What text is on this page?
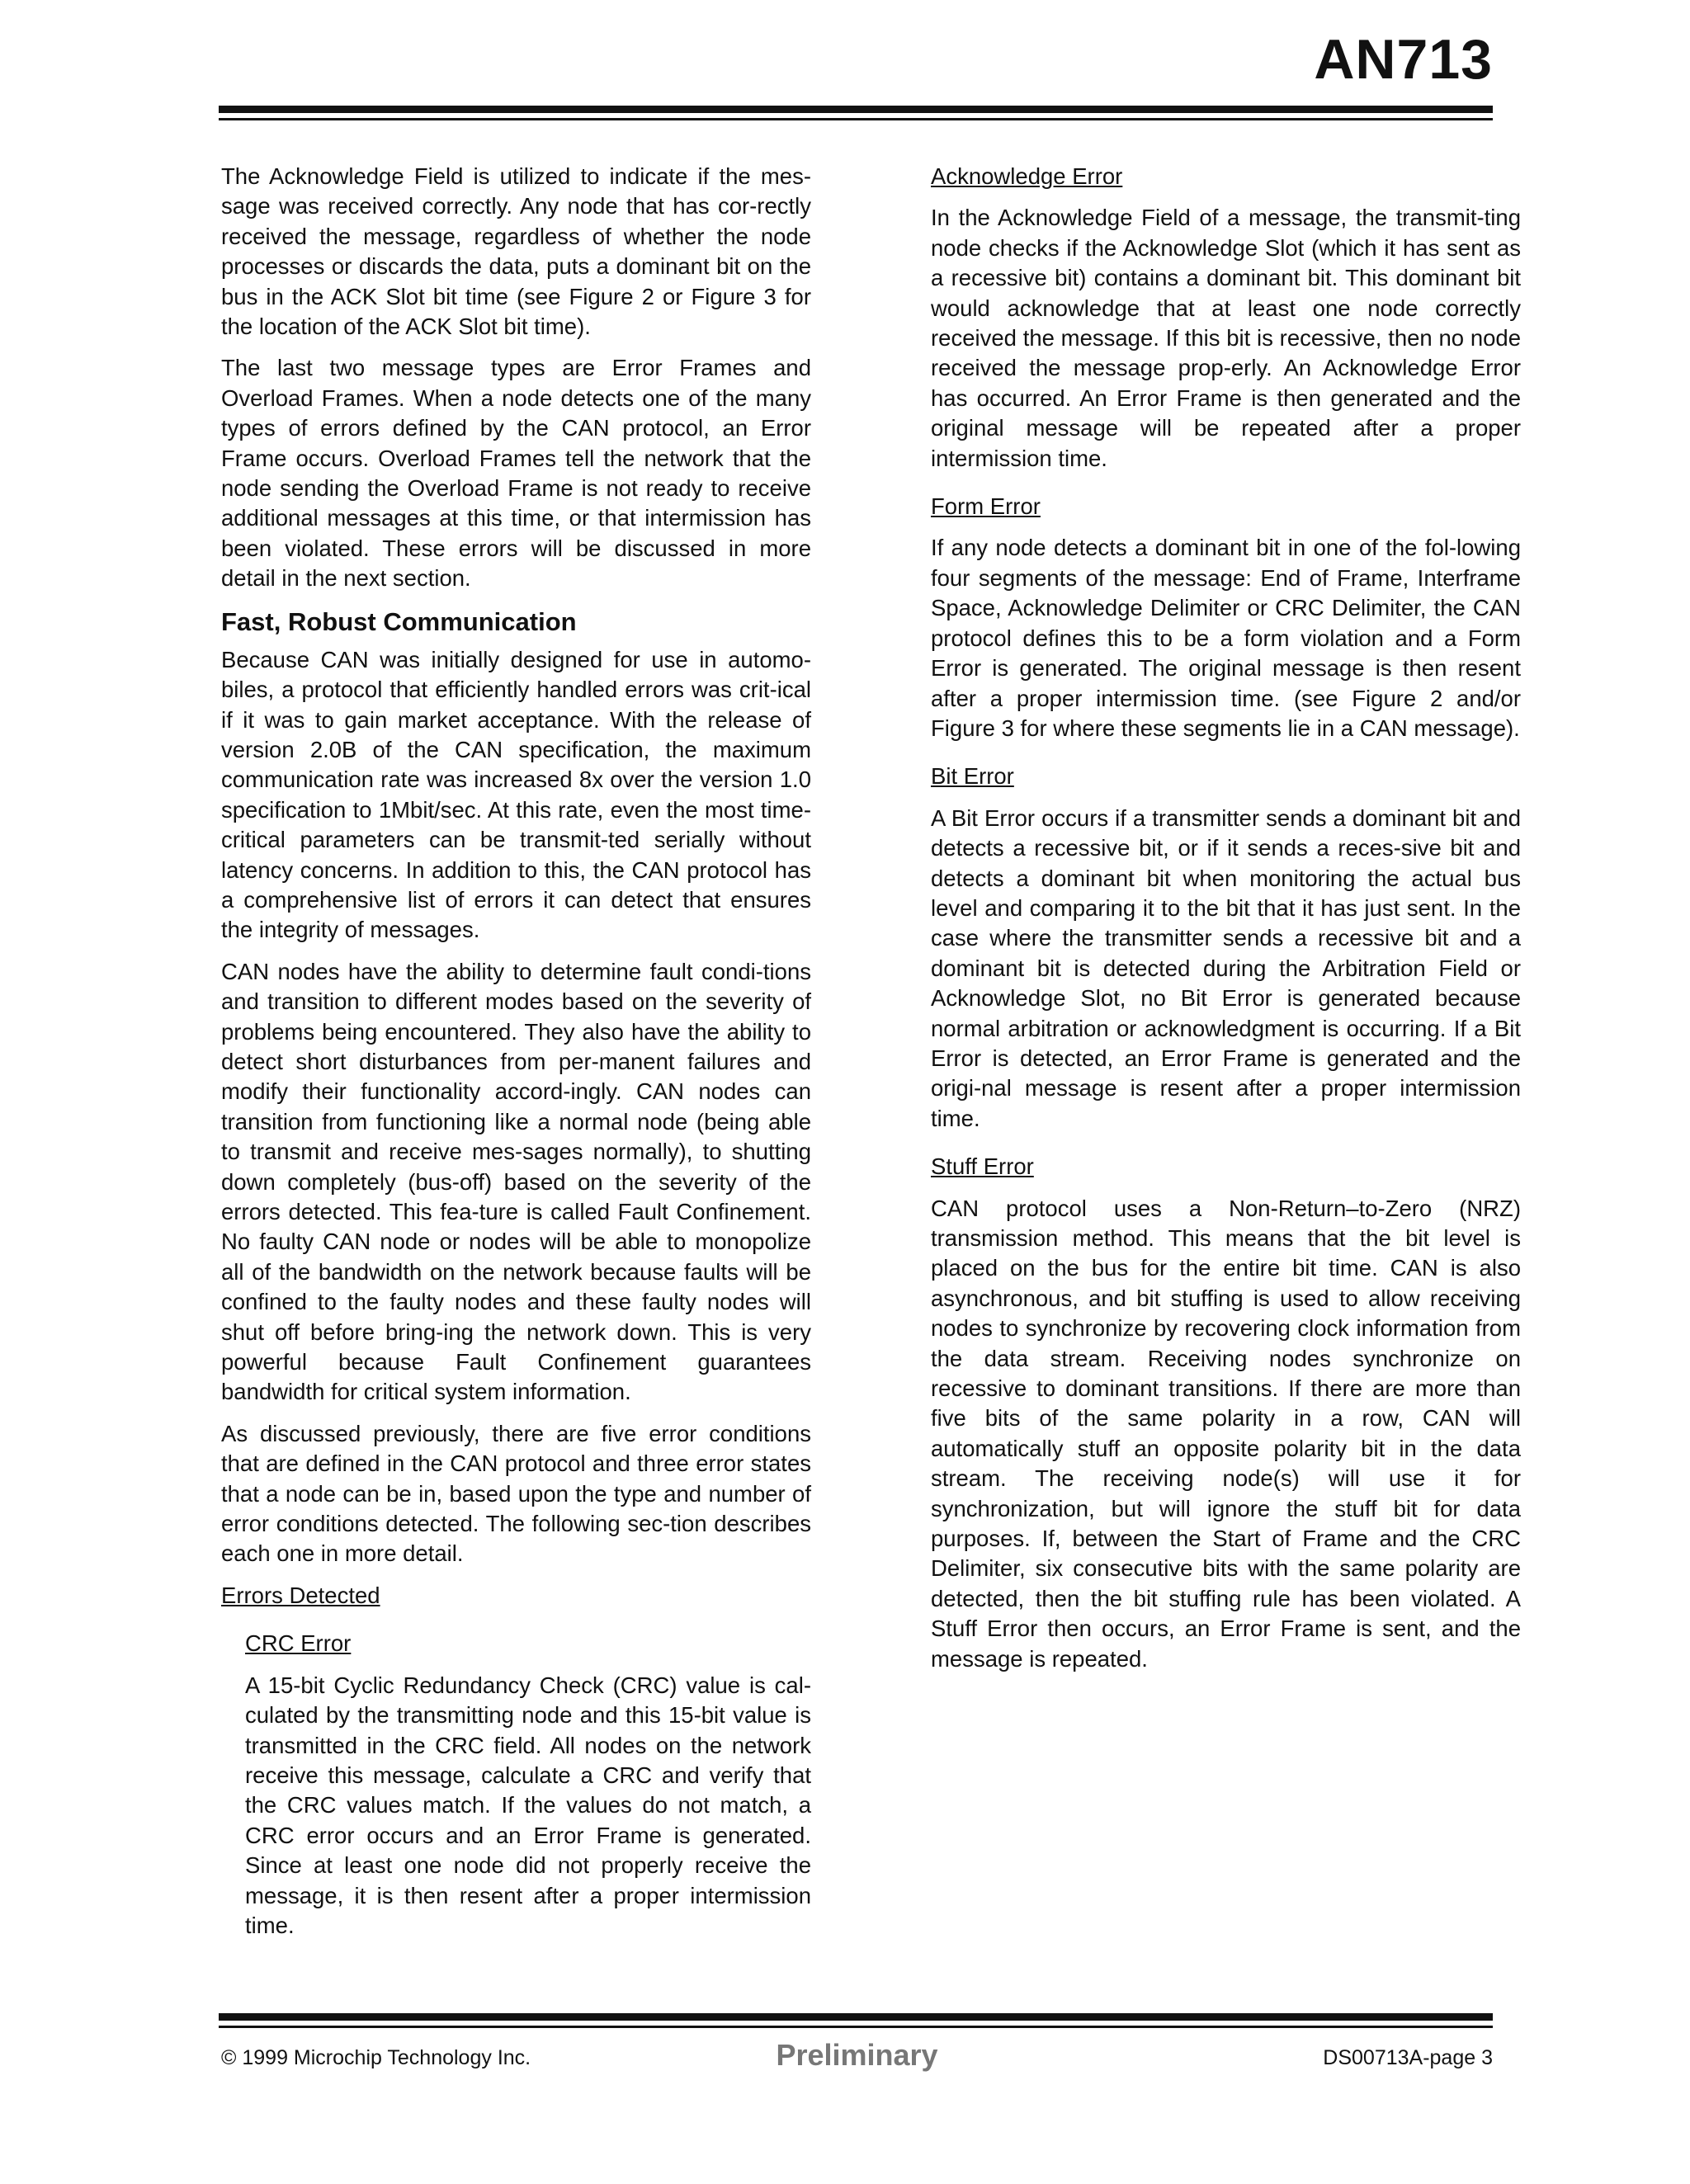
AN713

The Acknowledge Field is utilized to indicate if the mes-sage was received correctly. Any node that has cor-rectly received the message, regardless of whether the node processes or discards the data, puts a dominant bit on the bus in the ACK Slot bit time (see Figure 2 or Figure 3 for the location of the ACK Slot bit time).

The last two message types are Error Frames and Overload Frames. When a node detects one of the many types of errors defined by the CAN protocol, an Error Frame occurs. Overload Frames tell the network that the node sending the Overload Frame is not ready to receive additional messages at this time, or that intermission has been violated. These errors will be discussed in more detail in the next section.

Fast, Robust Communication

Because CAN was initially designed for use in automo-biles, a protocol that efficiently handled errors was crit-ical if it was to gain market acceptance. With the release of version 2.0B of the CAN specification, the maximum communication rate was increased 8x over the version 1.0 specification to 1Mbit/sec. At this rate, even the most time-critical parameters can be transmit-ted serially without latency concerns. In addition to this, the CAN protocol has a comprehensive list of errors it can detect that ensures the integrity of messages.

CAN nodes have the ability to determine fault condi-tions and transition to different modes based on the severity of problems being encountered. They also have the ability to detect short disturbances from per-manent failures and modify their functionality accord-ingly. CAN nodes can transition from functioning like a normal node (being able to transmit and receive mes-sages normally), to shutting down completely (bus-off) based on the severity of the errors detected. This fea-ture is called Fault Confinement. No faulty CAN node or nodes will be able to monopolize all of the bandwidth on the network because faults will be confined to the faulty nodes and these faulty nodes will shut off before bring-ing the network down. This is very powerful because Fault Confinement guarantees bandwidth for critical system information.

As discussed previously, there are five error conditions that are defined in the CAN protocol and three error states that a node can be in, based upon the type and number of error conditions detected. The following sec-tion describes each one in more detail.

Errors Detected
CRC Error

A 15-bit Cyclic Redundancy Check (CRC) value is cal-culated by the transmitting node and this 15-bit value is transmitted in the CRC field. All nodes on the network receive this message, calculate a CRC and verify that the CRC values match. If the values do not match, a CRC error occurs and an Error Frame is generated. Since at least one node did not properly receive the message, it is then resent after a proper intermission time.

Acknowledge Error

In the Acknowledge Field of a message, the transmit-ting node checks if the Acknowledge Slot (which it has sent as a recessive bit) contains a dominant bit. This dominant bit would acknowledge that at least one node correctly received the message. If this bit is recessive, then no node received the message prop-erly. An Acknowledge Error has occurred. An Error Frame is then generated and the original message will be repeated after a proper intermission time.

Form Error

If any node detects a dominant bit in one of the fol-lowing four segments of the message: End of Frame, Interframe Space, Acknowledge Delimiter or CRC Delimiter, the CAN protocol defines this to be a form violation and a Form Error is generated. The original message is then resent after a proper intermission time. (see Figure 2 and/or Figure 3 for where these segments lie in a CAN message).

Bit Error

A Bit Error occurs if a transmitter sends a dominant bit and detects a recessive bit, or if it sends a reces-sive bit and detects a dominant bit when monitoring the actual bus level and comparing it to the bit that it has just sent. In the case where the transmitter sends a recessive bit and a dominant bit is detected during the Arbitration Field or Acknowledge Slot, no Bit Error is generated because normal arbitration or acknowledgment is occurring. If a Bit Error is detected, an Error Frame is generated and the origi-nal message is resent after a proper intermission time.

Stuff Error

CAN protocol uses a Non-Return–to-Zero (NRZ) transmission method. This means that the bit level is placed on the bus for the entire bit time. CAN is also asynchronous, and bit stuffing is used to allow receiving nodes to synchronize by recovering clock information from the data stream. Receiving nodes synchronize on recessive to dominant transitions. If there are more than five bits of the same polarity in a row, CAN will automatically stuff an opposite polarity bit in the data stream. The receiving node(s) will use it for synchronization, but will ignore the stuff bit for data purposes. If, between the Start of Frame and the CRC Delimiter, six consecutive bits with the same polarity are detected, then the bit stuffing rule has been violated. A Stuff Error then occurs, an Error Frame is sent, and the message is repeated.

© 1999 Microchip Technology Inc.	Preliminary	DS00713A-page 3
